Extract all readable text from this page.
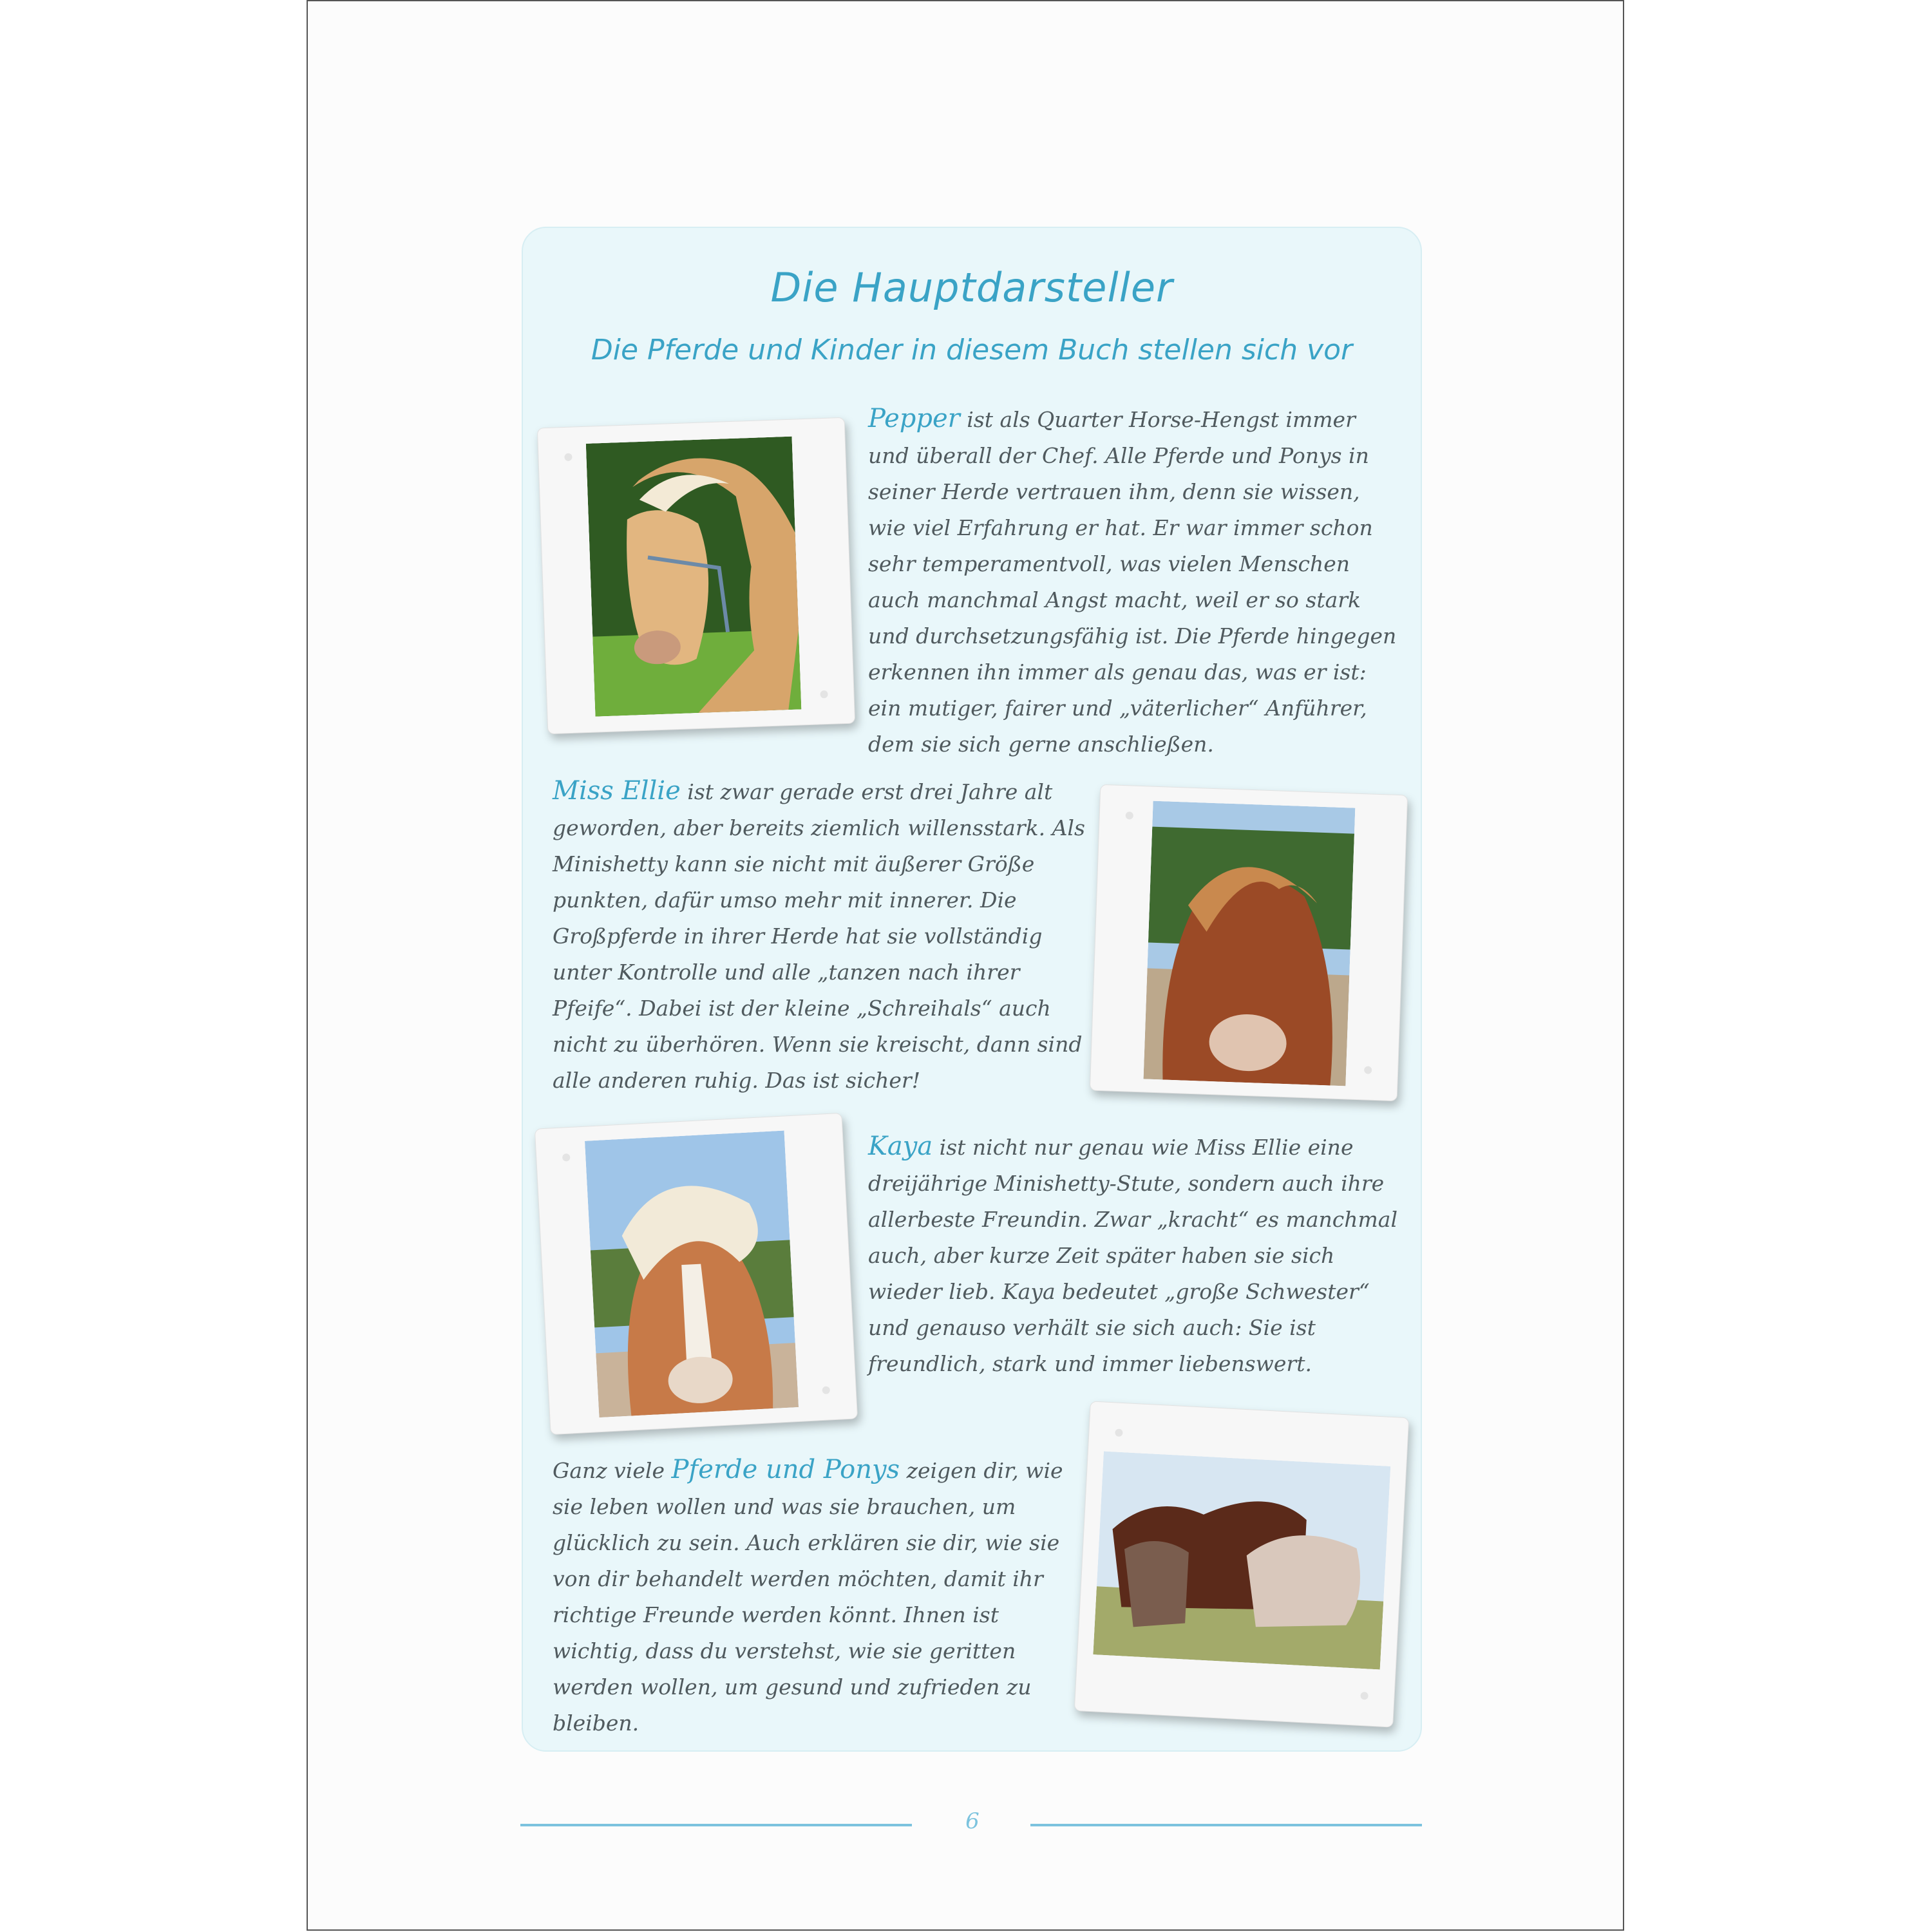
Die Hauptdarsteller
Die Pferde und Kinder in diesem Buch stellen sich vor

Pepper ist als Quarter Horse-Hengst immer und überall der Chef. Alle Pferde und Ponys in seiner Herde vertrauen ihm, denn sie wissen, wie viel Erfahrung er hat. Er war immer schon sehr temperamentvoll, was vielen Menschen auch manchmal Angst macht, weil er so stark und durchsetzungsfähig ist. Die Pferde hingegen erkennen ihn immer als genau das, was er ist: ein mutiger, fairer und „väterlicher“ Anführer, dem sie sich gerne anschließen.

Miss Ellie ist zwar gerade erst drei Jahre alt geworden, aber bereits ziemlich willensstark. Als Minishetty kann sie nicht mit äußerer Größe punkten, dafür umso mehr mit innerer. Die Großpferde in ihrer Herde hat sie vollständig unter Kontrolle und alle „tanzen nach ihrer Pfeife“. Dabei ist der kleine „Schreihals“ auch nicht zu überhören. Wenn sie kreischt, dann sind alle anderen ruhig. Das ist sicher!

Kaya ist nicht nur genau wie Miss Ellie eine dreijährige Minishetty-Stute, sondern auch ihre allerbeste Freundin. Zwar „kracht“ es manchmal auch, aber kurze Zeit später haben sie sich wieder lieb. Kaya bedeutet „große Schwester“ und genauso verhält sie sich auch: Sie ist freundlich, stark und immer liebenswert.

Ganz viele Pferde und Ponys zeigen dir, wie sie leben wollen und was sie brauchen, um glücklich zu sein. Auch erklären sie dir, wie sie von dir behandelt werden möchten, damit ihr richtige Freunde werden könnt. Ihnen ist wichtig, dass du verstehst, wie sie geritten werden wollen, um gesund und zufrieden zu bleiben.

6
